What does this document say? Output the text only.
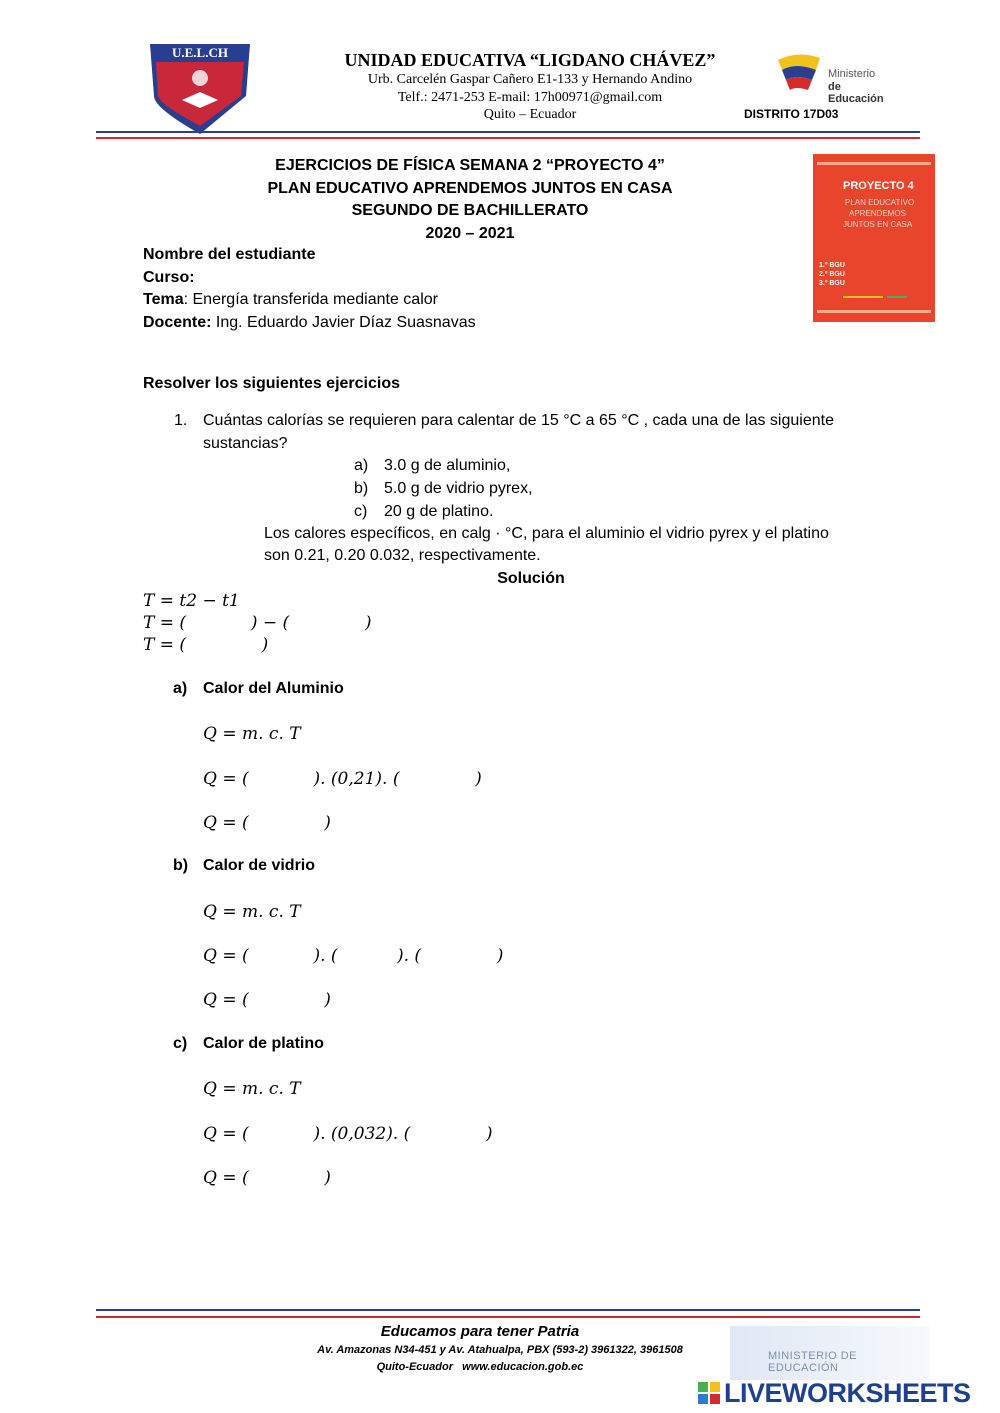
U.E.L.CH	UNIDAD EDUCATIVA “LIGDANO CHÁVEZ”
Urb. Carcelén Gaspar Cañero E1-133 y Hernando Andino
Telf.: 2471-253 E-mail: 17h00971@gmail.com
Quito – Ecuador
Ministerio
de Educación
DISTRITO 17D03
EJERCICIOS DE FÍSICA SEMANA 2 “PROYECTO 4”
PLAN EDUCATIVO APRENDEMOS JUNTOS EN CASA
SEGUNDO DE BACHILLERATO
2020 – 2021
PROYECTO 4
PLAN EDUCATIVO
APRENDEMOS
JUNTOS EN CASA
1.º BGU
2.º BGU
3.º BGU
Nombre del estudiante
Curso:
Tema: Energía transferida mediante calor
Docente: Ing. Eduardo Javier Díaz Suasnavas
Resolver los siguientes ejercicios
1. Cuántas calorías se requieren para calentar de 15 °C a 65 °C , cada una de las siguiente
sustancias?
a) 3.0 g de aluminio,
b) 5.0 g de vidrio pyrex,
c) 20 g de platino.
Los calores específicos, en calg · °C, para el aluminio el vidrio pyrex y el platino
son 0.21, 0.20 0.032, respectivamente.
Solución
T = t2 − t1
T = (            ) − (              )
T = (              )
a) Calor del Aluminio
Q = m. c. T
Q = (            ). (0,21). (              )
Q = (              )
b) Calor de vidrio
Q = m. c. T
Q = (            ). (           ). (              )
Q = (              )
c) Calor de platino
Q = m. c. T
Q = (            ). (0,032). (              )
Q = (              )
Educamos para tener Patria
Av. Amazonas N34-451 y Av. Atahualpa, PBX (593-2) 3961322, 3961508
Quito-Ecuador   www.educacion.gob.ec
MINISTERIO DE EDUCACIÓN
LIVEWORKSHEETS
